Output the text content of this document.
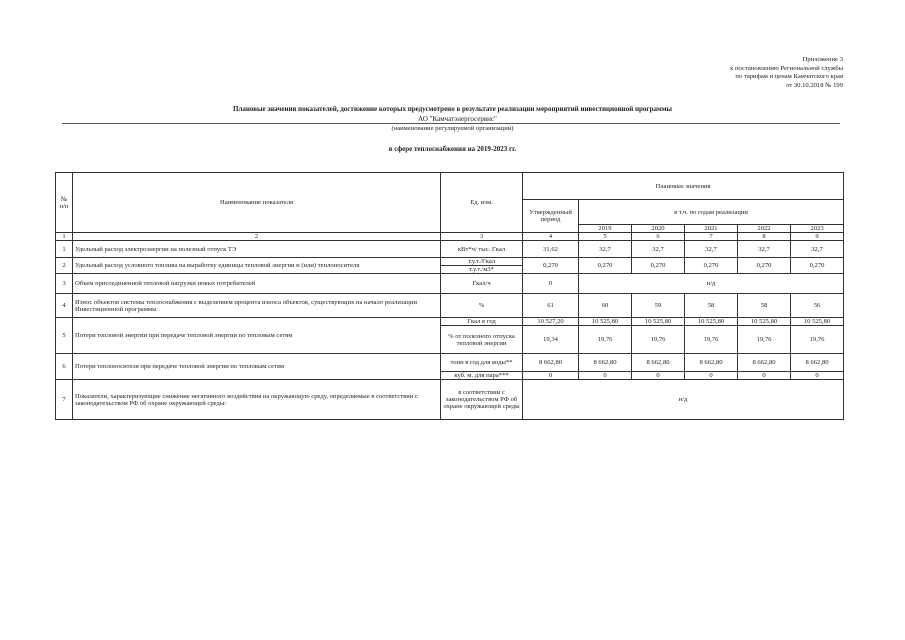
Приложение 3
к постановлению Региональной службы
по тарифам и ценам Камчатского края
от 30.10.2018 № 199
Плановые значения показателей, достижение которых предусмотрено в результате реализации мероприятий инвестиционной программы
АО "Камчатэнергосервис"
(наименование регулируемой организации)
в сфере теплоснабжения на 2019-2023 гг.
№ п/п	Наименование показателя	Ед. изм.	Плановые значения					
			Утвержденный период	в т.ч. по годам реализации				
				2019	2020	2021	2022	2023
1	2	3	4	5	6	7	8	9
1	Удельный расход электроэнергии на полезный отпуск ТЭ	кВт*ч/ тыс. Гкал	31,62	32,7	32,7	32,7	32,7	32,7
2	Удельный расход условного топлива на выработку единицы тепловой энергии и (или) теплоносителя	т.у.т./Гкал	0,270	0,270	0,270	0,270	0,270	0,270
		т.у.т./м3*						
3	Объем присоединенной тепловой нагрузки новых потребителей	Гкал/ч	0	н/д				
4	Износ объектов системы теплоснабжения с выделением процента износа объектов, существующих на начало реализации Инвестиционной программы	%	61	60	59	58	58	56
5	Потери тепловой энергии при передаче тепловой энергии по тепловым сетям	Гкал в год	10 527,20	10 525,80	10 525,80	10 525,80	10 525,80	10 525,80
		% от полезного отпуска тепловой энергии	19,34	19,76	19,76	19,76	19,76	19,76
6	Потери теплоносителя при передаче тепловой энергии по тепловым сетям	тонн в год для воды**	8 662,80	8 662,80	8 662,80	8 662,80	8 662,80	8 662,80
		куб. м. для пара***	0	0	0	0	0	0
7	Показатели, характеризующие снижение негативного воздействия на окружающую среду, определяемые в соответствии с законодательством РФ об охране окружающей среды:	в соответствии с законодательством РФ об охране окружающей среды	н/д					
